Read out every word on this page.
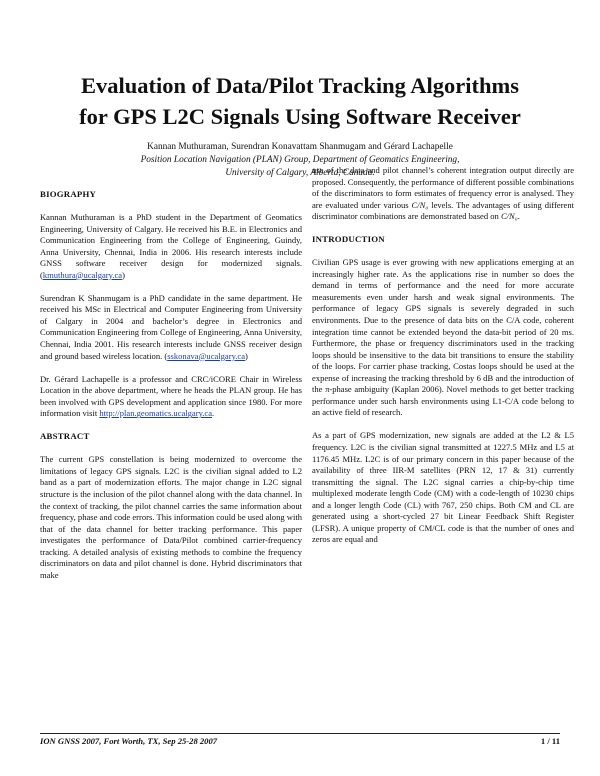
Evaluation of Data/Pilot Tracking Algorithms
for GPS L2C Signals Using Software Receiver
Kannan Muthuraman, Surendran Konavattam Shanmugam and Gérard Lachapelle
Position Location Navigation (PLAN) Group, Department of Geomatics Engineering,
University of Calgary, Alberta, Canada.
BIOGRAPHY

Kannan Muthuraman is a PhD student in the Department of Geomatics Engineering, University of Calgary. He received his B.E. in Electronics and Communication Engineering from the College of Engineering, Guindy, Anna University, Chennai, India in 2006. His research interests include GNSS software receiver design for modernized signals. (kmuthura@ucalgary.ca)

Surendran K Shanmugam is a PhD candidate in the same department. He received his MSc in Electrical and Computer Engineering from University of Calgary in 2004 and bachelor’s degree in Electronics and Communication Engineering from College of Engineering, Anna University, Chennai, India 2001. His research interests include GNSS receiver design and ground based wireless location. (sskonava@ucalgary.ca)

Dr. Gérard Lachapelle is a professor and CRC/iCORE Chair in Wireless Location in the above department, where he heads the PLAN group. He has been involved with GPS development and application since 1980. For more information visit http://plan.geomatics.ucalgary.ca.

ABSTRACT

The current GPS constellation is being modernized to overcome the limitations of legacy GPS signals. L2C is the civilian signal added to L2 band as a part of modernization efforts. The major change in L2C signal structure is the inclusion of the pilot channel along with the data channel. In the context of tracking, the pilot channel carries the same information about frequency, phase and code errors. This information could be used along with that of the data channel for better tracking performance. This paper investigates the performance of Data/Pilot combined carrier-frequency tracking. A detailed analysis of existing methods to combine the frequency discriminators on data and pilot channel is done. Hybrid discriminators that make

use of the data and pilot channel’s coherent integration output directly are proposed. Consequently, the performance of different possible combinations of the discriminators to form estimates of frequency error is analysed. They are evaluated under various C/N₀ levels. The advantages of using different discriminator combinations are demonstrated based on C/N₀.

INTRODUCTION

Civilian GPS usage is ever growing with new applications emerging at an increasingly higher rate. As the applications rise in number so does the demand in terms of performance and the need for more accurate measurements even under harsh and weak signal environments. The performance of legacy GPS signals is severely degraded in such environments. Due to the presence of data bits on the C/A code, coherent integration time cannot be extended beyond the data-bit period of 20 ms. Furthermore, the phase or frequency discriminators used in the tracking loops should be insensitive to the data bit transitions to ensure the stability of the loops. For carrier phase tracking, Costas loops should be used at the expense of increasing the tracking threshold by 6 dB and the introduction of the π-phase ambiguity (Kaplan 2006). Novel methods to get better tracking performance under such harsh environments using L1-C/A code belong to an active field of research.

As a part of GPS modernization, new signals are added at the L2 & L5 frequency. L2C is the civilian signal transmitted at 1227.5 MHz and L5 at 1176.45 MHz. L2C is of our primary concern in this paper because of the availability of three IIR-M satellites (PRN 12, 17 & 31) currently transmitting the signal. The L2C signal carries a chip-by-chip time multiplexed moderate length Code (CM) with a code-length of 10230 chips and a longer length Code (CL) with 767, 250 chips. Both CM and CL are generated using a short-cycled 27 bit Linear Feedback Shift Register (LFSR). A unique property of CM/CL code is that the number of ones and zeros are equal and

ION GNSS 2007, Fort Worth, TX, Sep 25-28 2007	1 / 11
